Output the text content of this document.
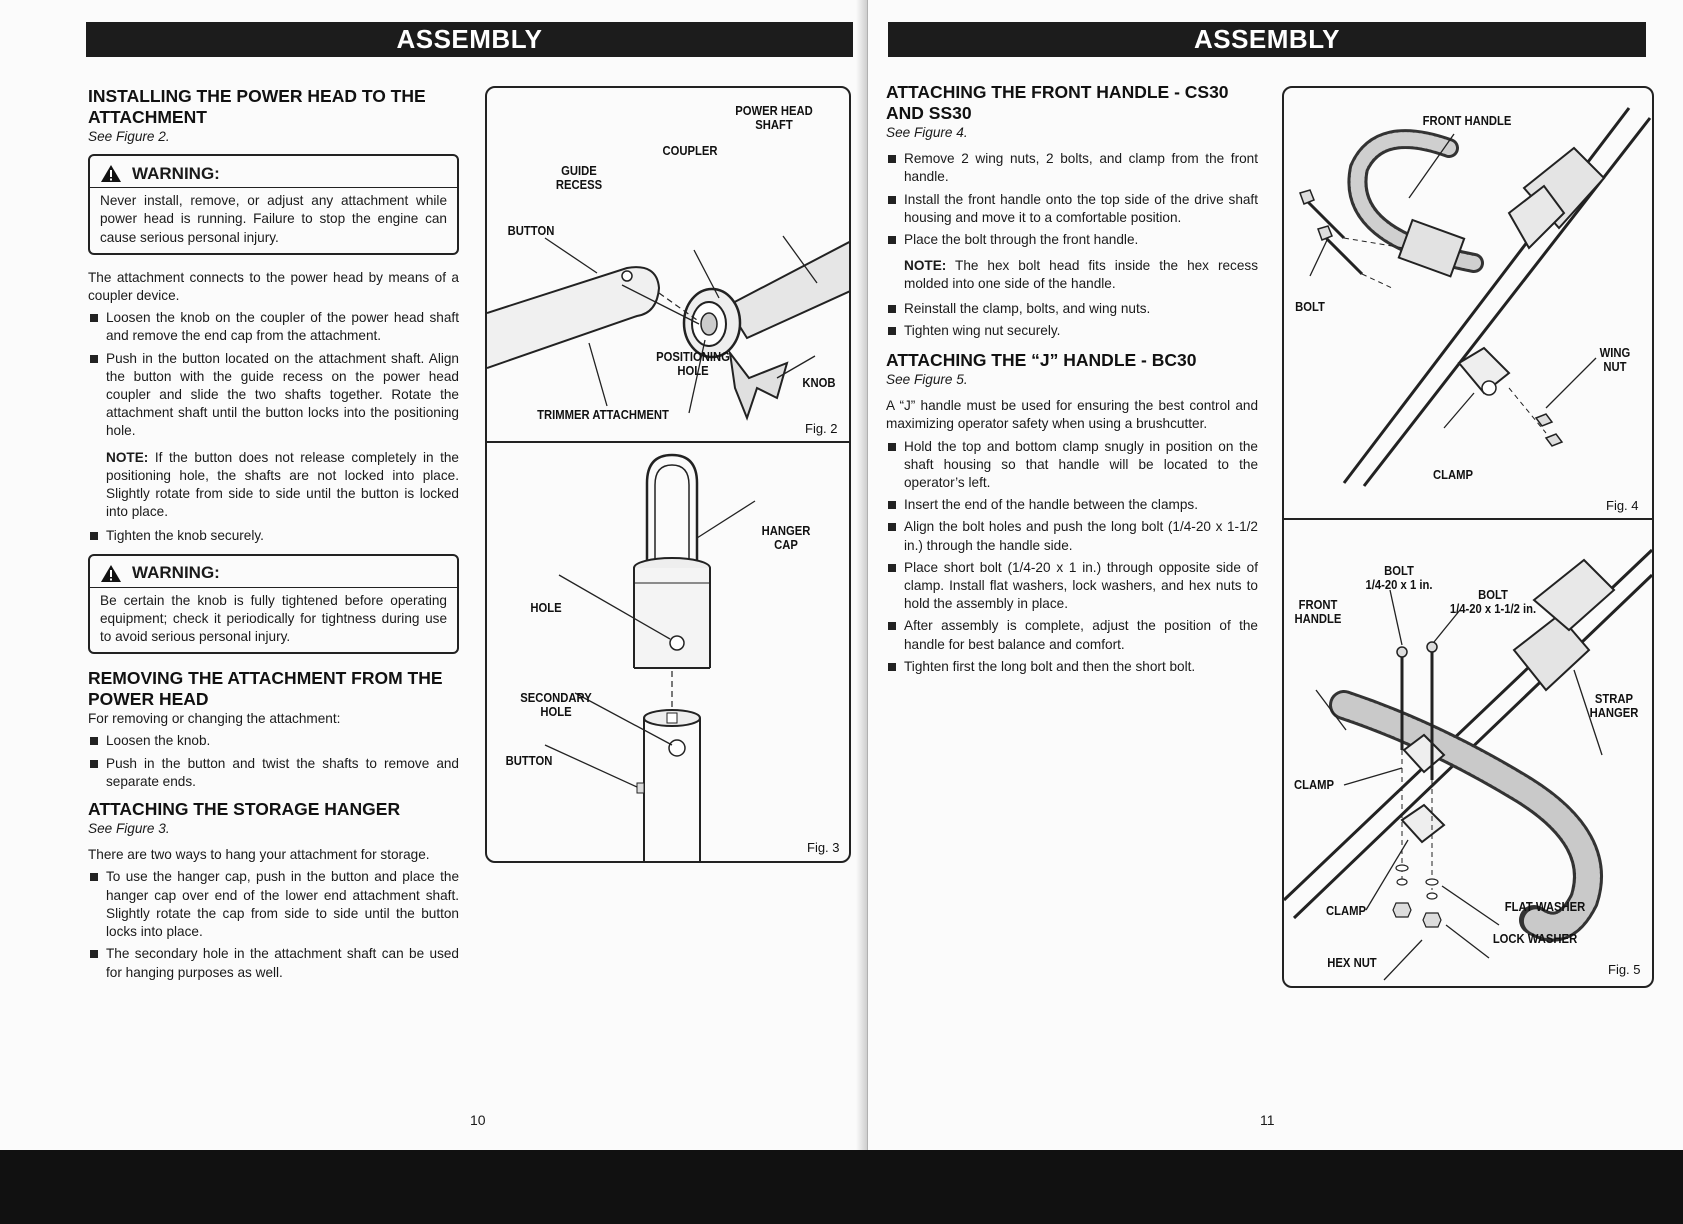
ASSEMBLY
INSTALLING THE POWER HEAD TO THE ATTACHMENT
See Figure 2.
WARNING:
Never install, remove, or adjust any attachment while power head is running. Failure to stop the engine can cause serious personal injury.

The attachment connects to the power head by means of a coupler device.

Loosen the knob on the coupler of the power head shaft and remove the end cap from the attachment.
Push in the button located on the attachment shaft. Align the button with the guide recess on the power head coupler and slide the two shafts together. Rotate the attachment shaft until the button locks into the positioning hole.
NOTE: If the button does not release completely in the positioning hole, the shafts are not locked into place. Slightly rotate from side to side until the button is locked into place.
Tighten the knob securely.
WARNING:
Be certain the knob is fully tightened before operating equipment; check it periodically for tightness during use to avoid serious personal injury.
REMOVING THE ATTACHMENT FROM THE POWER HEAD

For removing or changing the attachment:

Loosen the knob.
Push in the button and twist the shafts to remove and separate ends.
ATTACHING THE STORAGE HANGER
See Figure 3.

There are two ways to hang your attachment for storage.

To use the hanger cap, push in the button and place the hanger cap over end of the lower end attachment shaft. Slightly rotate the cap from side to side until the button locks into place.
The secondary hole in the attachment shaft can be used for hanging purposes as well.
POWER HEAD
SHAFT
COUPLER
GUIDE
RECESS
BUTTON
POSITIONING
HOLE
KNOB
TRIMMER ATTACHMENT
Fig. 2
HANGER
CAP
HOLE
SECONDARY
HOLE
BUTTON
Fig. 3
10
ASSEMBLY
ATTACHING THE FRONT HANDLE - CS30 AND SS30
See Figure 4.
Remove 2 wing nuts, 2 bolts, and clamp from the front handle.
Install the front handle onto the top side of the drive shaft housing and move it to a comfortable position.
Place the bolt through the front handle.
NOTE: The hex bolt head fits inside the hex recess molded into one side of the handle.
Reinstall the clamp, bolts, and wing nuts.
Tighten wing nut securely.
ATTACHING THE “J” HANDLE - BC30
See Figure 5.

A “J” handle must be used for ensuring the best control and maximizing operator safety when using a brushcutter.

Hold the top and bottom clamp snugly in position on the shaft housing so that handle will be located to the operator’s left.
Insert the end of the handle between the clamps.
Align the bolt holes and push the long bolt (1/4-20 x 1-1/2 in.) through the handle side.
Place short bolt (1/4-20 x 1 in.) through opposite side of clamp. Install flat washers, lock washers, and hex nuts to hold the assembly in place.
After assembly is complete, adjust the position of the handle for best balance and comfort.
Tighten first the long bolt and then the short bolt.
FRONT HANDLE
BOLT
WING
NUT
CLAMP
Fig. 4
BOLT
1/4-20 x 1 in.
BOLT
1/4-20 x 1-1/2 in.
FRONT
HANDLE
STRAP
HANGER
CLAMP
CLAMP	FLAT WASHER
LOCK WASHER
HEX NUT	Fig. 5
11
